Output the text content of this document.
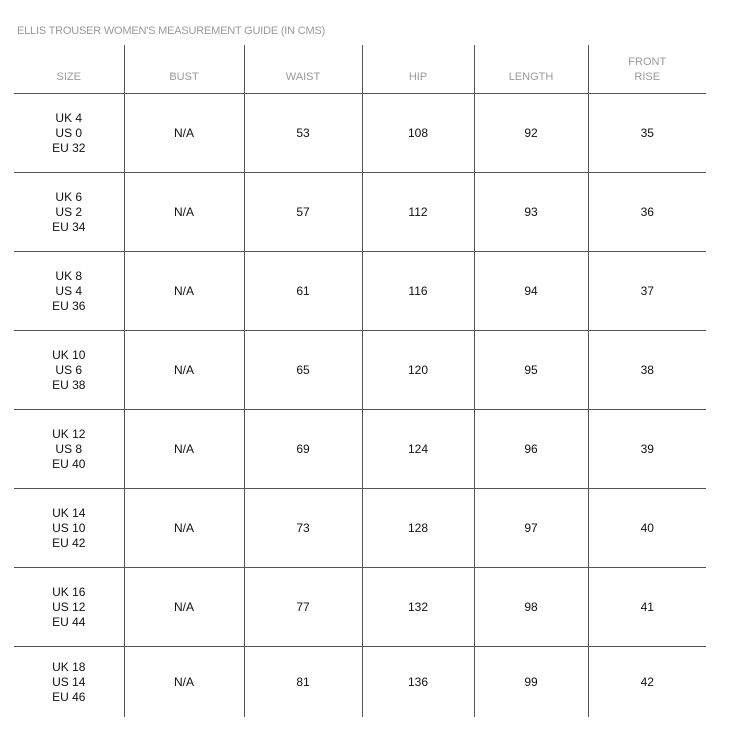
ELLIS TROUSER WOMEN'S MEASUREMENT GUIDE (IN CMS)
SIZE	BUST	WAIST	HIP	LENGTH	FRONT
RISE

UK 4
US 0
EU 32	N/A	53	108	92	35

UK 6
US 2
EU 34	N/A	57	112	93	36

UK 8
US 4
EU 36	N/A	61	116	94	37

UK 10
US 6
EU 38	N/A	65	120	95	38

UK 12
US 8
EU 40	N/A	69	124	96	39

UK 14
US 10
EU 42	N/A	73	128	97	40

UK 16
US 12
EU 44	N/A	77	132	98	41

UK 18
US 14
EU 46	N/A	81	136	99	42
